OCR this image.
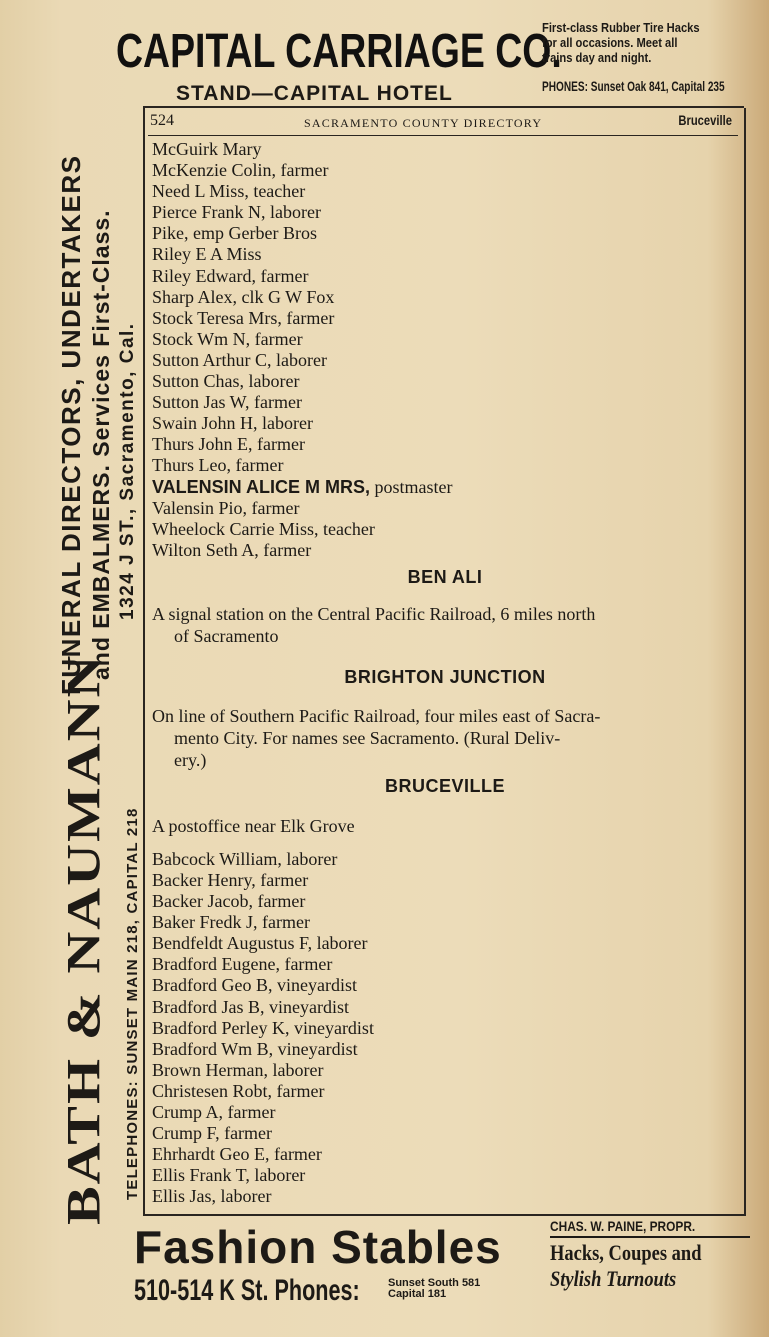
CAPITAL CARRIAGE CO.
STAND—CAPITAL HOTEL
First-class Rubber Tire Hacks
for all occasions. Meet all
trains day and night.
PHONES: Sunset Oak 841, Capital 235
FUNERAL DIRECTORS, UNDERTAKERS and EMBALMERS. Services First-Class. 1324 J ST., Sacramento, Cal.
BATH & NAUMANN TELEPHONES: SUNSET MAIN 218, CAPITAL 218
524	SACRAMENTO COUNTY DIRECTORY	Bruceville
McGuirk Mary
McKenzie Colin, farmer
Need L Miss, teacher
Pierce Frank N, laborer
Pike, emp Gerber Bros
Riley E A Miss
Riley Edward, farmer
Sharp Alex, clk G W Fox
Stock Teresa Mrs, farmer
Stock Wm N, farmer
Sutton Arthur C, laborer
Sutton Chas, laborer
Sutton Jas W, farmer
Swain John H, laborer
Thurs John E, farmer
Thurs Leo, farmer
VALENSIN ALICE M MRS, postmaster
Valensin Pio, farmer
Wheelock Carrie Miss, teacher
Wilton Seth A, farmer
BEN ALI
A signal station on the Central Pacific Railroad, 6 miles north
of Sacramento
BRIGHTON JUNCTION
On line of Southern Pacific Railroad, four miles east of Sacra-
mento City. For names see Sacramento. (Rural Deliv-
ery.)
BRUCEVILLE
A postoffice near Elk Grove
Babcock William, laborer
Backer Henry, farmer
Backer Jacob, farmer
Baker Fredk J, farmer
Bendfeldt Augustus F, laborer
Bradford Eugene, farmer
Bradford Geo B, vineyardist
Bradford Jas B, vineyardist
Bradford Perley K, vineyardist
Bradford Wm B, vineyardist
Brown Herman, laborer
Christesen Robt, farmer
Crump A, farmer
Crump F, farmer
Ehrhardt Geo E, farmer
Ellis Frank T, laborer
Ellis Jas, laborer
Fashion Stables
510-514 K St. Phones:	Sunset South 581
Capital 181
CHAS. W. PAINE, PROPR.
Hacks, Coupes and
Stylish Turnouts
